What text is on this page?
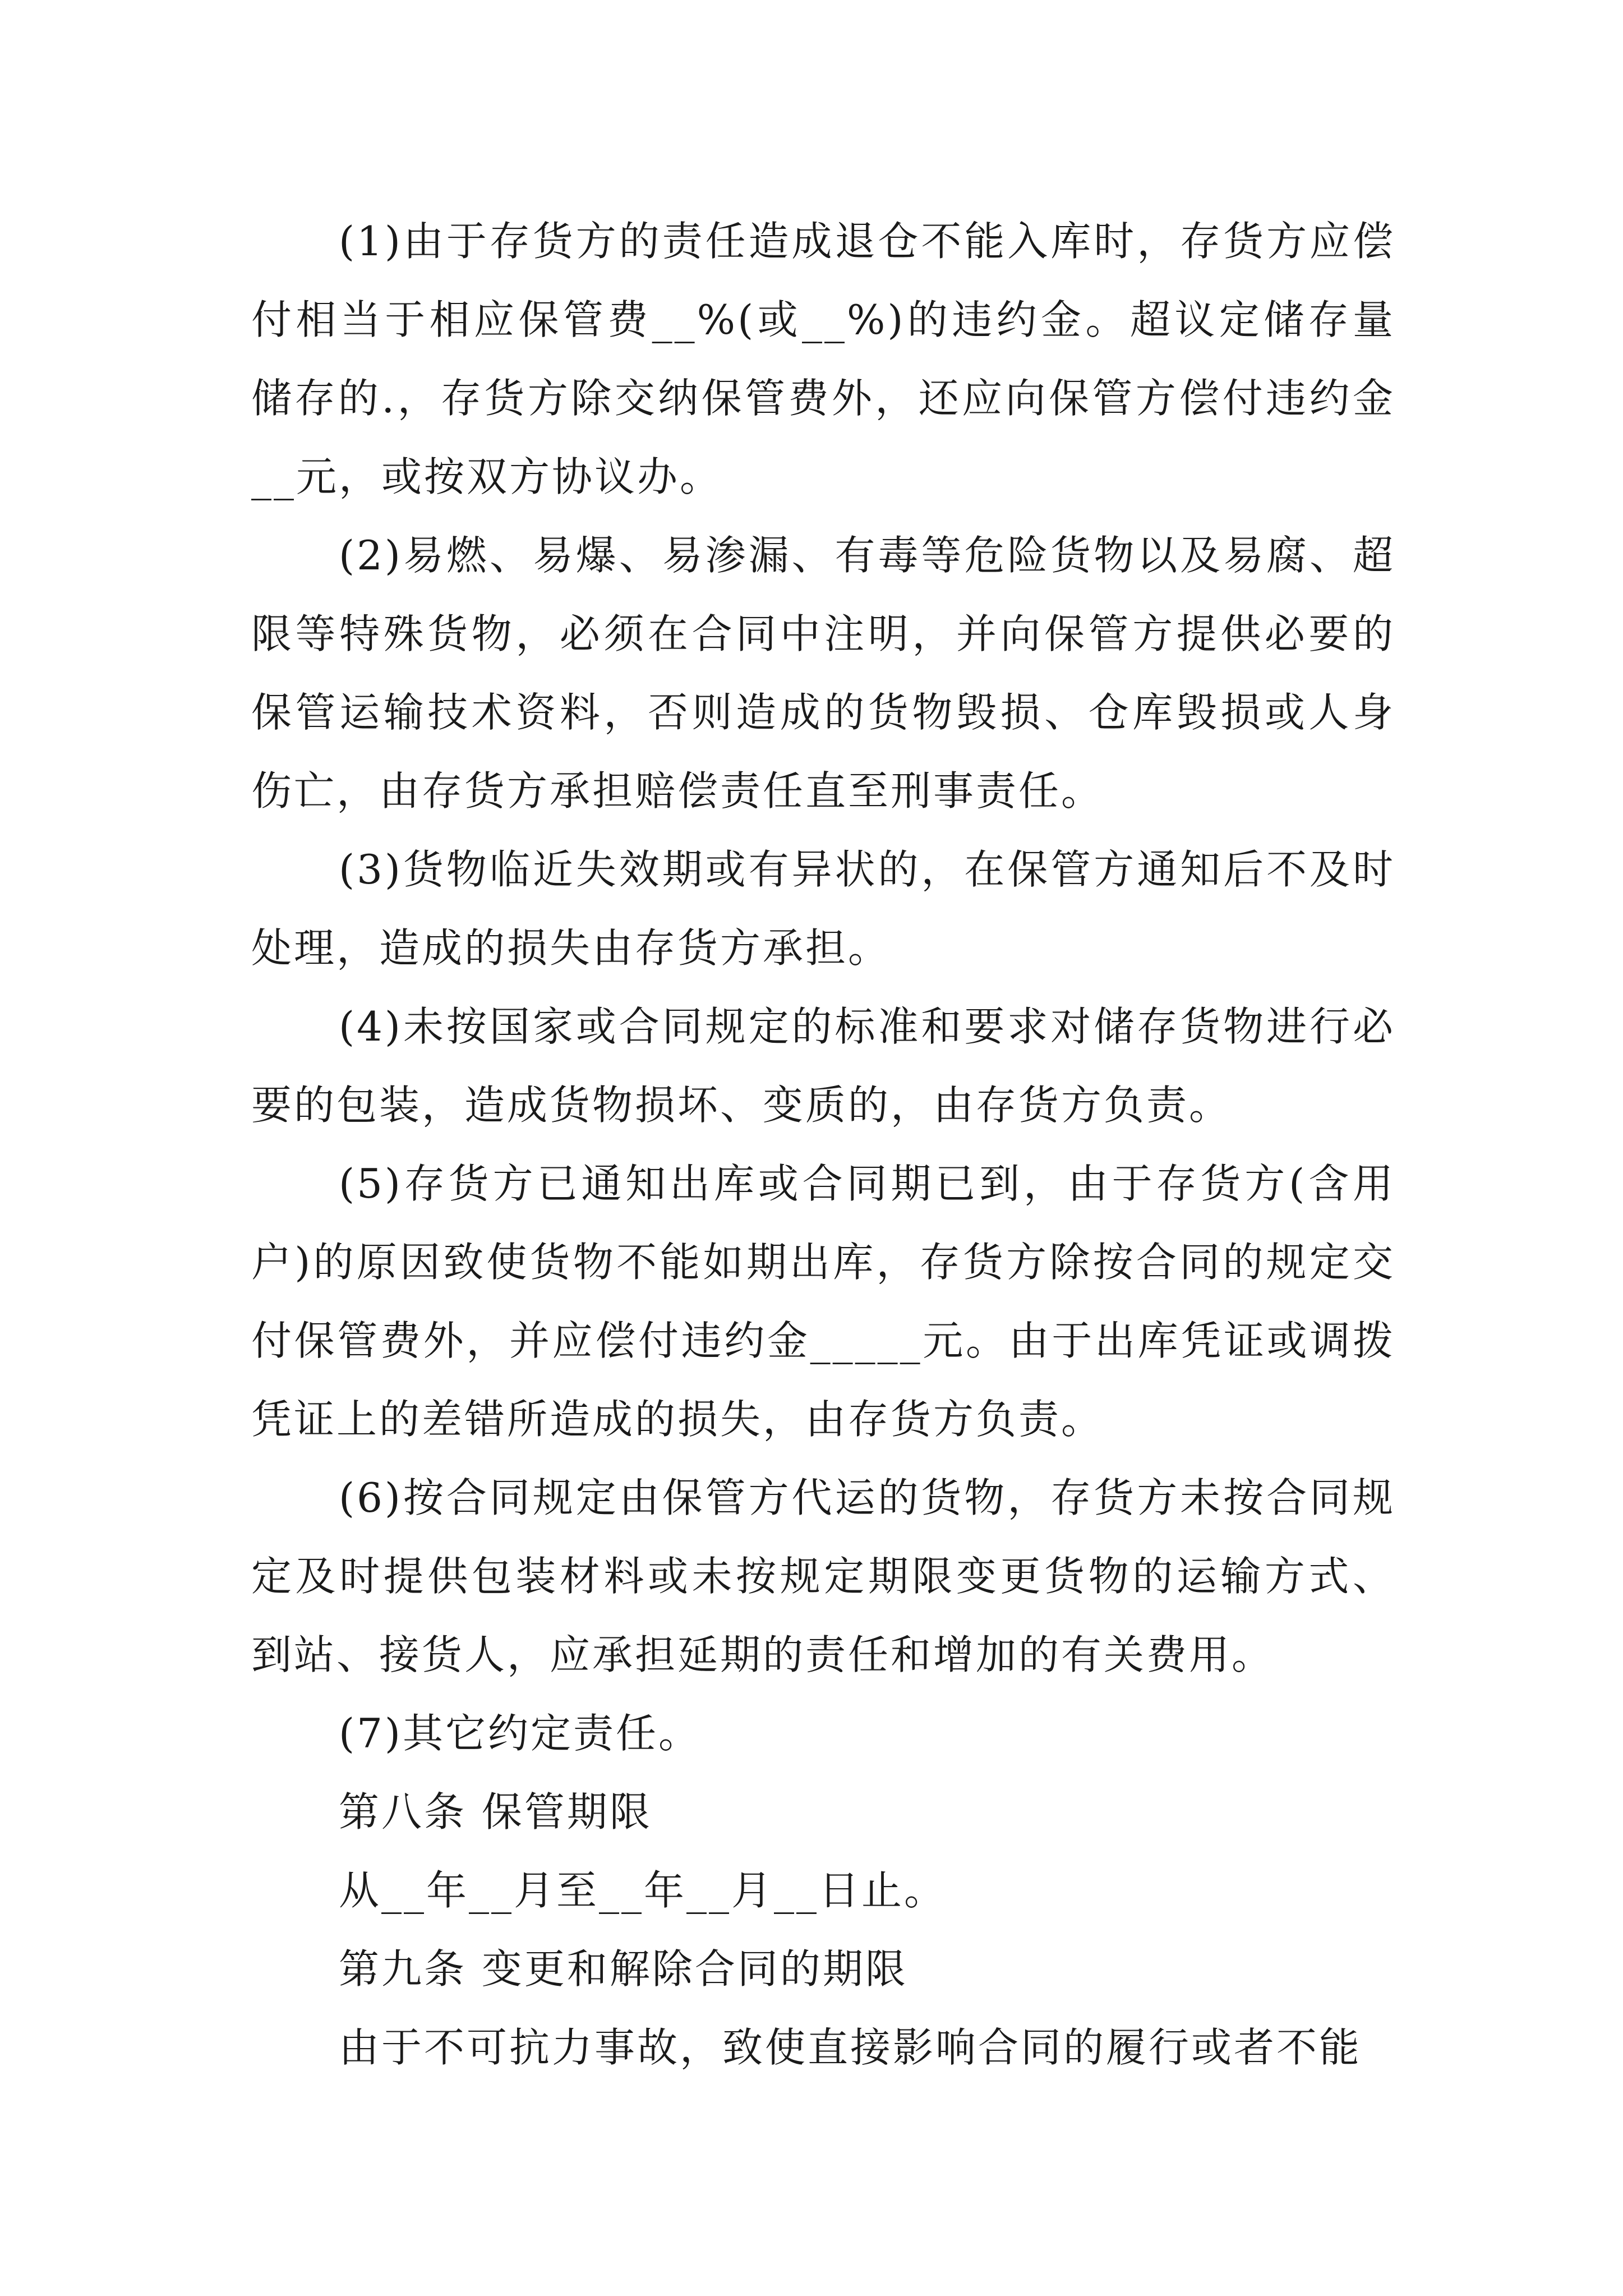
(1)由于存货方的责任造成退仓不能入库时，存货方应偿付相当于相应保管费__%(或__%)的违约金。超议定储存量储存的.，存货方除交纳保管费外，还应向保管方偿付违约金__元，或按双方协议办。

(2)易燃、易爆、易渗漏、有毒等危险货物以及易腐、超限等特殊货物，必须在合同中注明，并向保管方提供必要的保管运输技术资料，否则造成的货物毁损、仓库毁损或人身伤亡，由存货方承担赔偿责任直至刑事责任。

(3)货物临近失效期或有异状的，在保管方通知后不及时处理，造成的损失由存货方承担。

(4)未按国家或合同规定的标准和要求对储存货物进行必要的包装，造成货物损坏、变质的，由存货方负责。

(5)存货方已通知出库或合同期已到，由于存货方(含用户)的原因致使货物不能如期出库，存货方除按合同的规定交付保管费外，并应偿付违约金_____元。由于出库凭证或调拨凭证上的差错所造成的损失，由存货方负责。

(6)按合同规定由保管方代运的货物，存货方未按合同规定及时提供包装材料或未按规定期限变更货物的运输方式、到站、接货人，应承担延期的责任和增加的有关费用。

(7)其它约定责任。

第八条 保管期限

从__年__月至__年__月__日止。

第九条 变更和解除合同的期限

由于不可抗力事故，致使直接影响合同的履行或者不能
